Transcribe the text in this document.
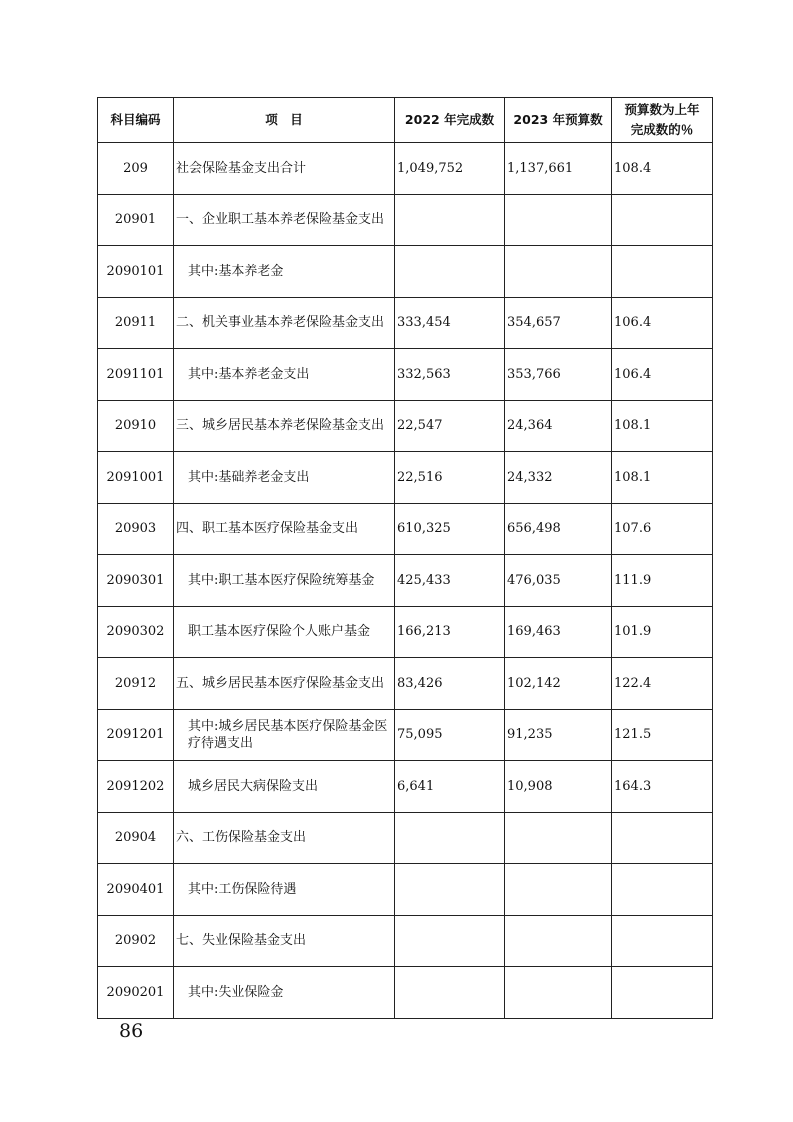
科目编码	项　目	2022 年完成数	2023 年预算数	预算数为上年
完成数的％

209	社会保险基金支出合计	1,049,752	1,137,661	108.4
20901	一、企业职工基本养老保险基金支出			
2090101	其中:基本养老金			
20911	二、机关事业基本养老保险基金支出	333,454	354,657	106.4
2091101	其中:基本养老金支出	332,563	353,766	106.4
20910	三、城乡居民基本养老保险基金支出	22,547	24,364	108.1
2091001	其中:基础养老金支出	22,516	24,332	108.1
20903	四、职工基本医疗保险基金支出	610,325	656,498	107.6
2090301	其中:职工基本医疗保险统筹基金	425,433	476,035	111.9
2090302	职工基本医疗保险个人账户基金	166,213	169,463	101.9
20912	五、城乡居民基本医疗保险基金支出	83,426	102,142	122.4
2091201	其中:城乡居民基本医疗保险基金医疗待遇支出	75,095	91,235	121.5
2091202	城乡居民大病保险支出	6,641	10,908	164.3
20904	六、工伤保险基金支出			
2090401	其中:工伤保险待遇			
20902	七、失业保险基金支出			
2090201	其中:失业保险金			
86
